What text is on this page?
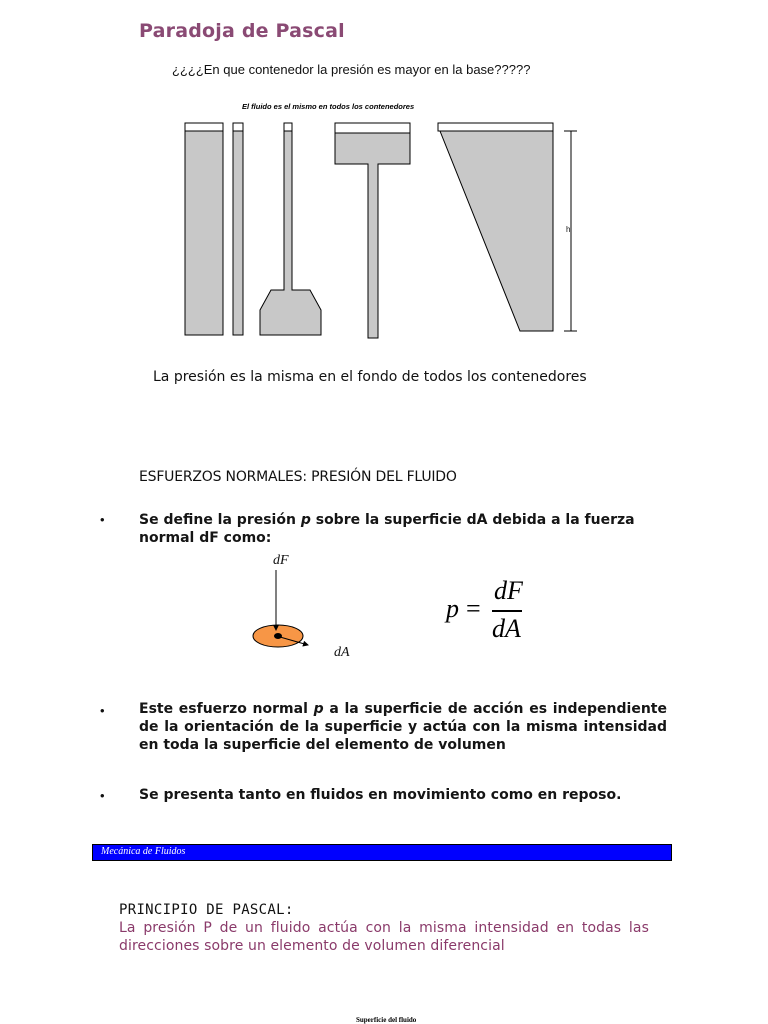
Paradoja de Pascal
¿¿¿¿En que contenedor la presión es mayor en la base?????
El fluido es el mismo en todos los contenedores
h
La presión es la misma en el fondo de todos los contenedores
ESFUERZOS NORMALES: PRESIÓN DEL FLUIDO
• Se define la presión p sobre la superficie dA debida a la fuerza normal dF como:
dF
dA
p =
dF
dA
• Este esfuerzo normal p a la superficie de acción es independiente de la orientación de la superficie y actúa con la misma intensidad en toda la superficie del elemento de volumen
• Se presenta tanto en fluidos en movimiento como en reposo.
Mecánica de Fluidos
PRINCIPIO DE PASCAL:
La presión P de un fluido actúa con la misma intensidad en todas las direcciones sobre un elemento de volumen diferencial
Superficie del fluido
